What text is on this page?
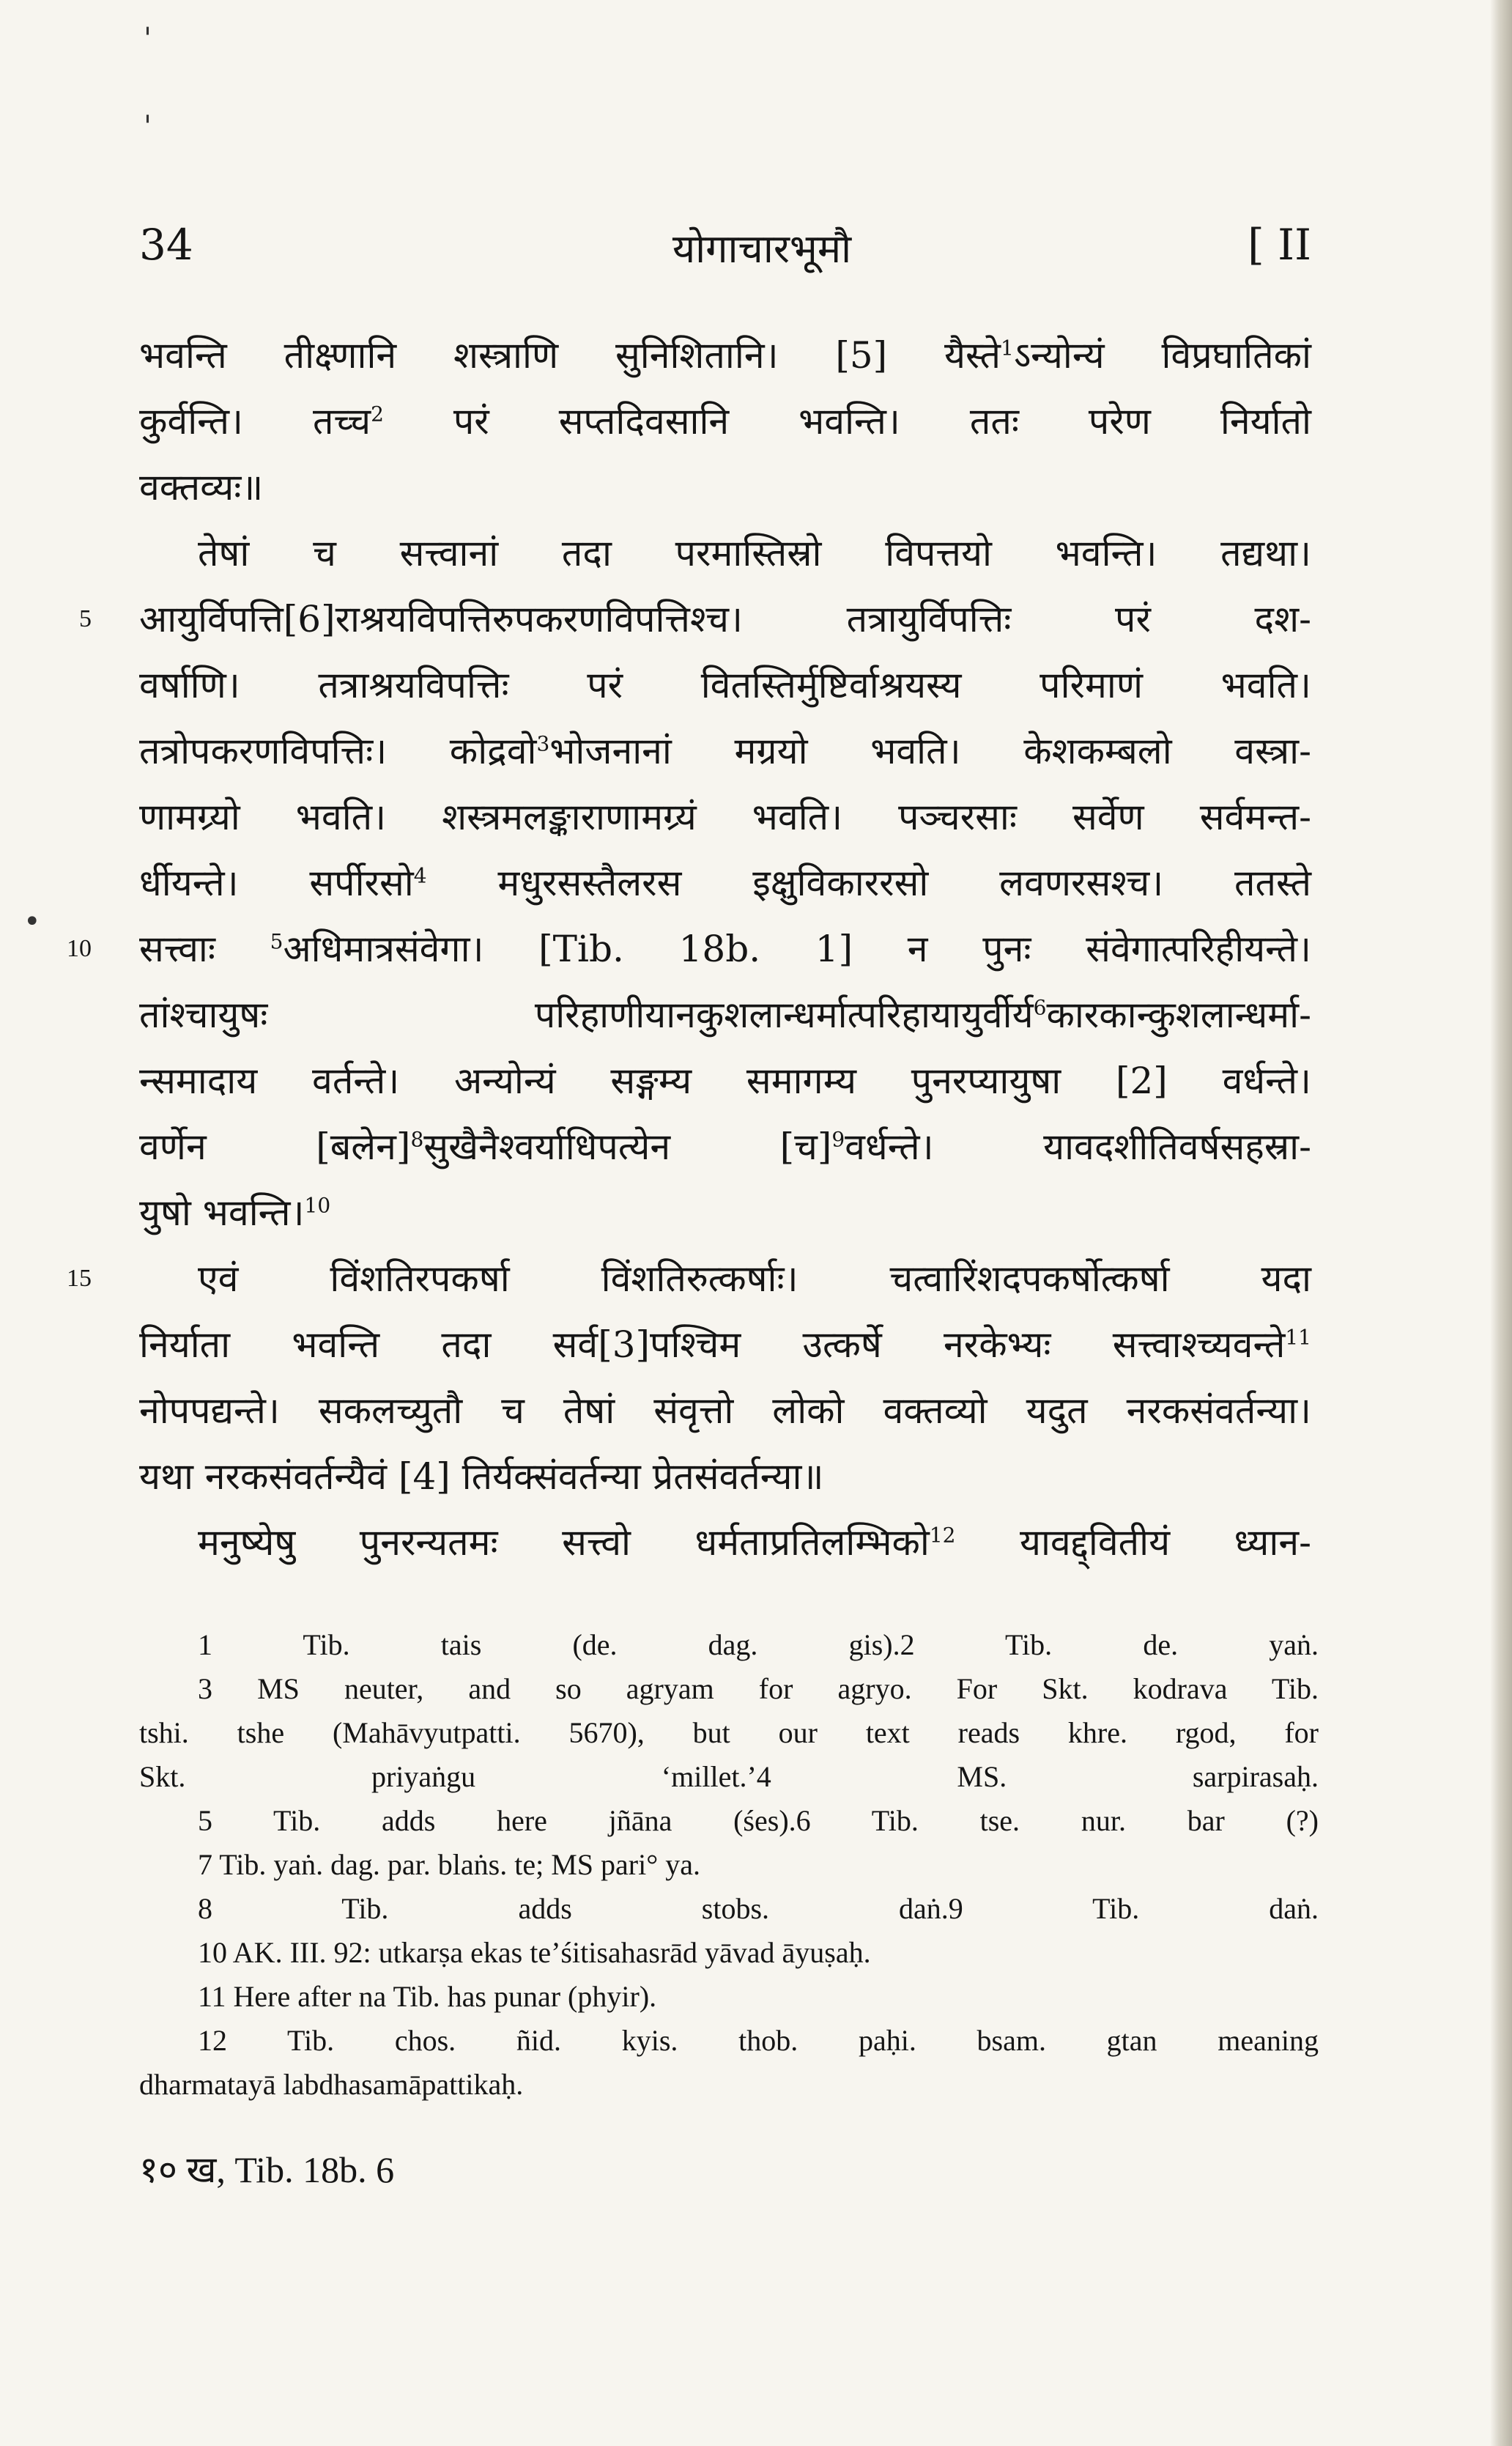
34	योगाचारभूमौ	[ II
भवन्ति तीक्ष्णानि शस्त्राणि सुनिशितानि। [5] यैस्ते$^1$ऽन्योन्यं विप्रघातिकां
कुर्वन्ति। तच्च$^2$ परं सप्तदिवसानि भवन्ति। ततः परेण निर्यातो
वक्तव्यः॥
तेषां च सत्त्वानां तदा परमास्तिस्रो विपत्तयो भवन्ति। तद्यथा।
5 आयुर्विपत्ति[6]राश्रयविपत्तिरुपकरणविपत्तिश्च। तत्रायुर्विपत्तिः परं दश-
वर्षाणि। तत्राश्रयविपत्तिः परं वितस्तिर्मुष्टिर्वाश्रयस्य परिमाणं भवति।
तत्रोपकरणविपत्तिः। कोद्रवो$^3$भोजनानां मग्रयो भवति। केशकम्बलो वस्त्रा-
णामग्र्यो भवति। शस्त्रमलङ्काराणामग्र्यं भवति। पञ्चरसाः सर्वेण सर्वमन्त-
र्धीयन्ते। सर्पीरसो$^4$ मधुरसस्तैलरस इक्षुविकाररसो लवणरसश्च। ततस्ते
10 सत्त्वाः $^5$अधिमात्रसंवेगा। [Tib. 18b. 1] न पुनः संवेगात्परिहीयन्ते।
तांश्चायुषः परिहाणीयानकुशलान्धर्मात्परिहायायुर्वीर्य$^6$कारकान्कुशलान्धर्मा-
न्समादाय वर्तन्ते। अन्योन्यं सङ्गम्य समागम्य पुनरप्यायुषा [2] वर्धन्ते।
वर्णेन [बलेन]$^8$सुखैनैश्वर्याधिपत्येन [च]$^9$वर्धन्ते। यावदशीतिवर्षसहस्रा-
युषो भवन्ति।$^{10}$
15	एवं विंशतिरपकर्षा विंशतिरुत्कर्षाः। चत्वारिंशदपकर्षोत्कर्षा यदा
निर्याता भवन्ति तदा सर्व[3]पश्चिम उत्कर्षे नरकेभ्यः सत्त्वाश्च्यवन्ते$^{11}$
नोपपद्यन्ते। सकलच्युतौ च तेषां संवृत्तो लोको वक्तव्यो यदुत नरकसंवर्तन्या।
यथा नरकसंवर्तन्यैवं [4] तिर्यक्संवर्तन्या प्रेतसंवर्तन्या॥
मनुष्येषु पुनरन्यतमः सत्त्वो धर्मताप्रतिलम्भिको$^{12}$ यावद्द्वितीयं ध्यान-
1 Tib. tais (de. dag. gis).2 Tib. de. yaṅ.
3 MS neuter, and so agryam for agryo. For Skt. kodrava Tib.
tshi. tshe (Mahāvyutpatti. 5670), but our text reads khre. rgod, for
Skt. priyaṅgu ‘millet.’4 MS. sarpirasaḥ.
5 Tib. adds here jñāna (śes).6 Tib. tse. nur. bar (?)
7 Tib. yaṅ. dag. par. blaṅs. te; MS pari° ya.
8 Tib. adds stobs. daṅ.9 Tib. daṅ.
10 AK. III. 92: utkarṣa ekas te’śitisahasrād yāvad āyuṣaḥ.
11 Here after na Tib. has punar (phyir).
12 Tib. chos. ñid. kyis. thob. paḥi. bsam. gtan meaning
dharmatayā labdhasamāpattikaḥ.
१० ख, Tib. 18b. 6
'
'
•
